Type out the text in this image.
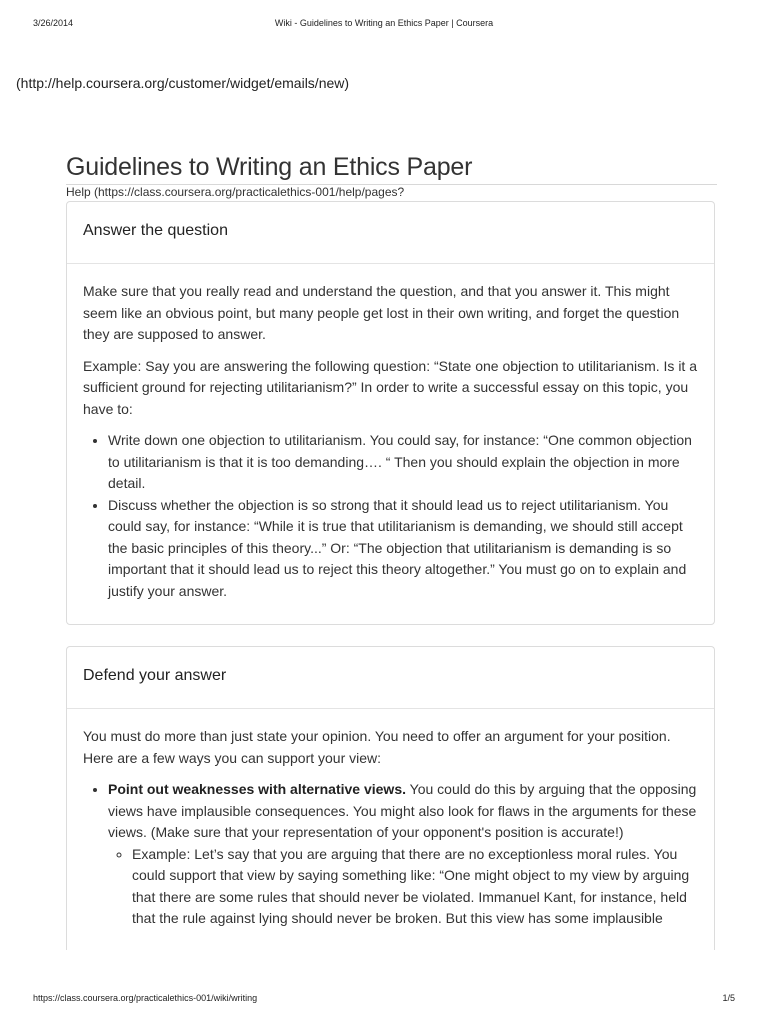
3/26/2014	Wiki - Guidelines to Writing an Ethics Paper | Coursera
(http://help.coursera.org/customer/widget/emails/new)
Guidelines to Writing an Ethics Paper
Help (https://class.coursera.org/practicalethics-001/help/pages?
Answer the question

Make sure that you really read and understand the question, and that you answer it. This might seem like an obvious point, but many people get lost in their own writing, and forget the question they are supposed to answer.

Example: Say you are answering the following question: “State one objection to utilitarianism. Is it a sufficient ground for rejecting utilitarianism?” In order to write a successful essay on this topic, you have to:

• Write down one objection to utilitarianism. You could say, for instance: “One common objection to utilitarianism is that it is too demanding…. “ Then you should explain the objection in more detail.
• Discuss whether the objection is so strong that it should lead us to reject utilitarianism. You could say, for instance: “While it is true that utilitarianism is demanding, we should still accept the basic principles of this theory...” Or: “The objection that utilitarianism is demanding is so important that it should lead us to reject this theory altogether.” You must go on to explain and justify your answer.
Defend your answer

You must do more than just state your opinion. You need to offer an argument for your position. Here are a few ways you can support your view:

• Point out weaknesses with alternative views. You could do this by arguing that the opposing views have implausible consequences. You might also look for flaws in the arguments for these views. (Make sure that your representation of your opponent's position is accurate!)
◦ Example: Let’s say that you are arguing that there are no exceptionless moral rules. You could support that view by saying something like: “One might object to my view by arguing that there are some rules that should never be violated. Immanuel Kant, for instance, held that the rule against lying should never be broken. But this view has some implausible
https://class.coursera.org/practicalethics-001/wiki/writing	1/5
